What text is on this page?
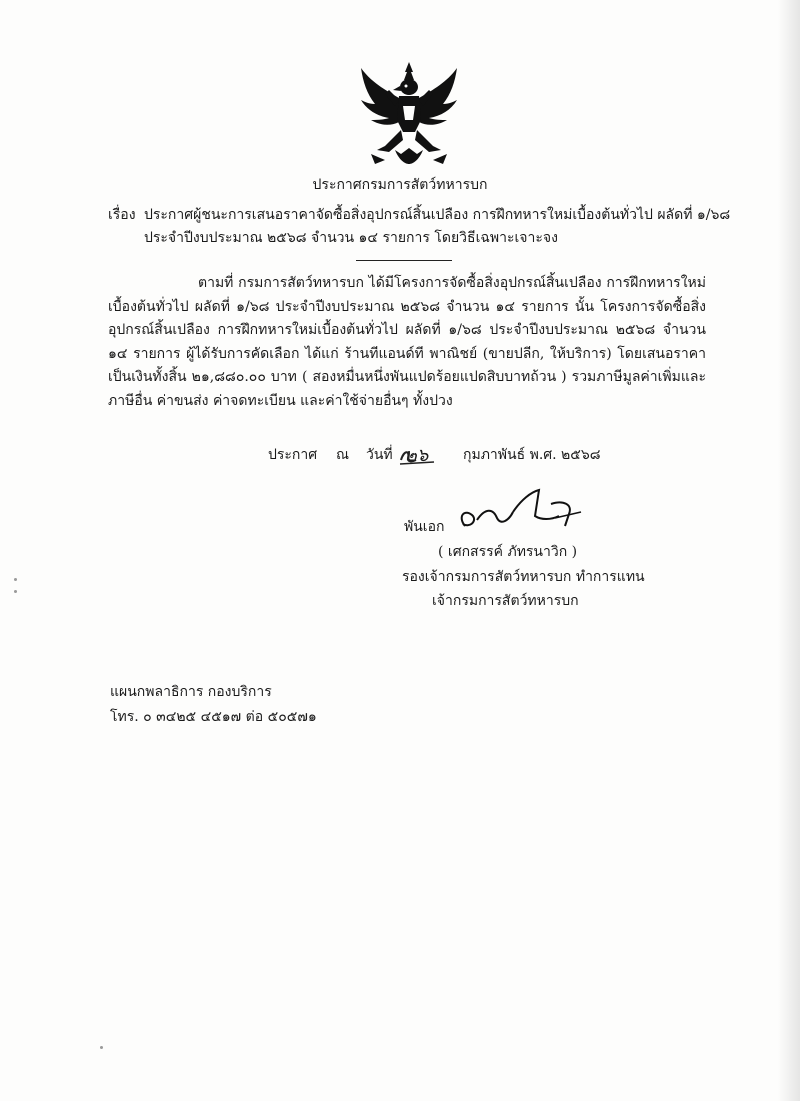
ประกาศกรมการสัตว์ทหารบก
เรื่อง ประกาศผู้ชนะการเสนอราคาจัดซื้อสิ่งอุปกรณ์สิ้นเปลือง การฝึกทหารใหม่เบื้องต้นทั่วไป ผลัดที่ ๑/๖๘
ประจำปีงบประมาณ ๒๕๖๘ จำนวน ๑๔ รายการ โดยวิธีเฉพาะเจาะจง
ตามที่ กรมการสัตว์ทหารบก ได้มีโครงการจัดซื้อสิ่งอุปกรณ์สิ้นเปลือง การฝึกทหารใหม่เบื้องต้นทั่วไป ผลัดที่ ๑/๖๘ ประจำปีงบประมาณ ๒๕๖๘ จำนวน ๑๔ รายการ นั้น โครงการจัดซื้อสิ่งอุปกรณ์สิ้นเปลือง การฝึกทหารใหม่เบื้องต้นทั่วไป ผลัดที่ ๑/๖๘ ประจำปีงบประมาณ ๒๕๖๘ จำนวน ๑๔ รายการ ผู้ได้รับการคัดเลือก ได้แก่ ร้านทีแอนด์ที พาณิชย์ (ขายปลีก, ให้บริการ) โดยเสนอราคาเป็นเงินทั้งสิ้น ๒๑,๘๘๐.๐๐ บาท ( สองหมื่นหนึ่งพันแปดร้อยแปดสิบบาทถ้วน ) รวมภาษีมูลค่าเพิ่มและภาษีอื่น ค่าขนส่ง ค่าจดทะเบียน และค่าใช้จ่ายอื่นๆ ทั้งปวง
ประกาศ ณ วันที่ ๒๖ กุมภาพันธ์ พ.ศ. ๒๕๖๘
พันเอก
( เศกสรรค์ ภัทรนาวิก )
รองเจ้ากรมการสัตว์ทหารบก ทำการแทน
เจ้ากรมการสัตว์ทหารบก
แผนกพลาธิการ กองบริการ
โทร. ๐ ๓๔๒๕ ๔๕๑๗ ต่อ ๕๐๕๗๑
